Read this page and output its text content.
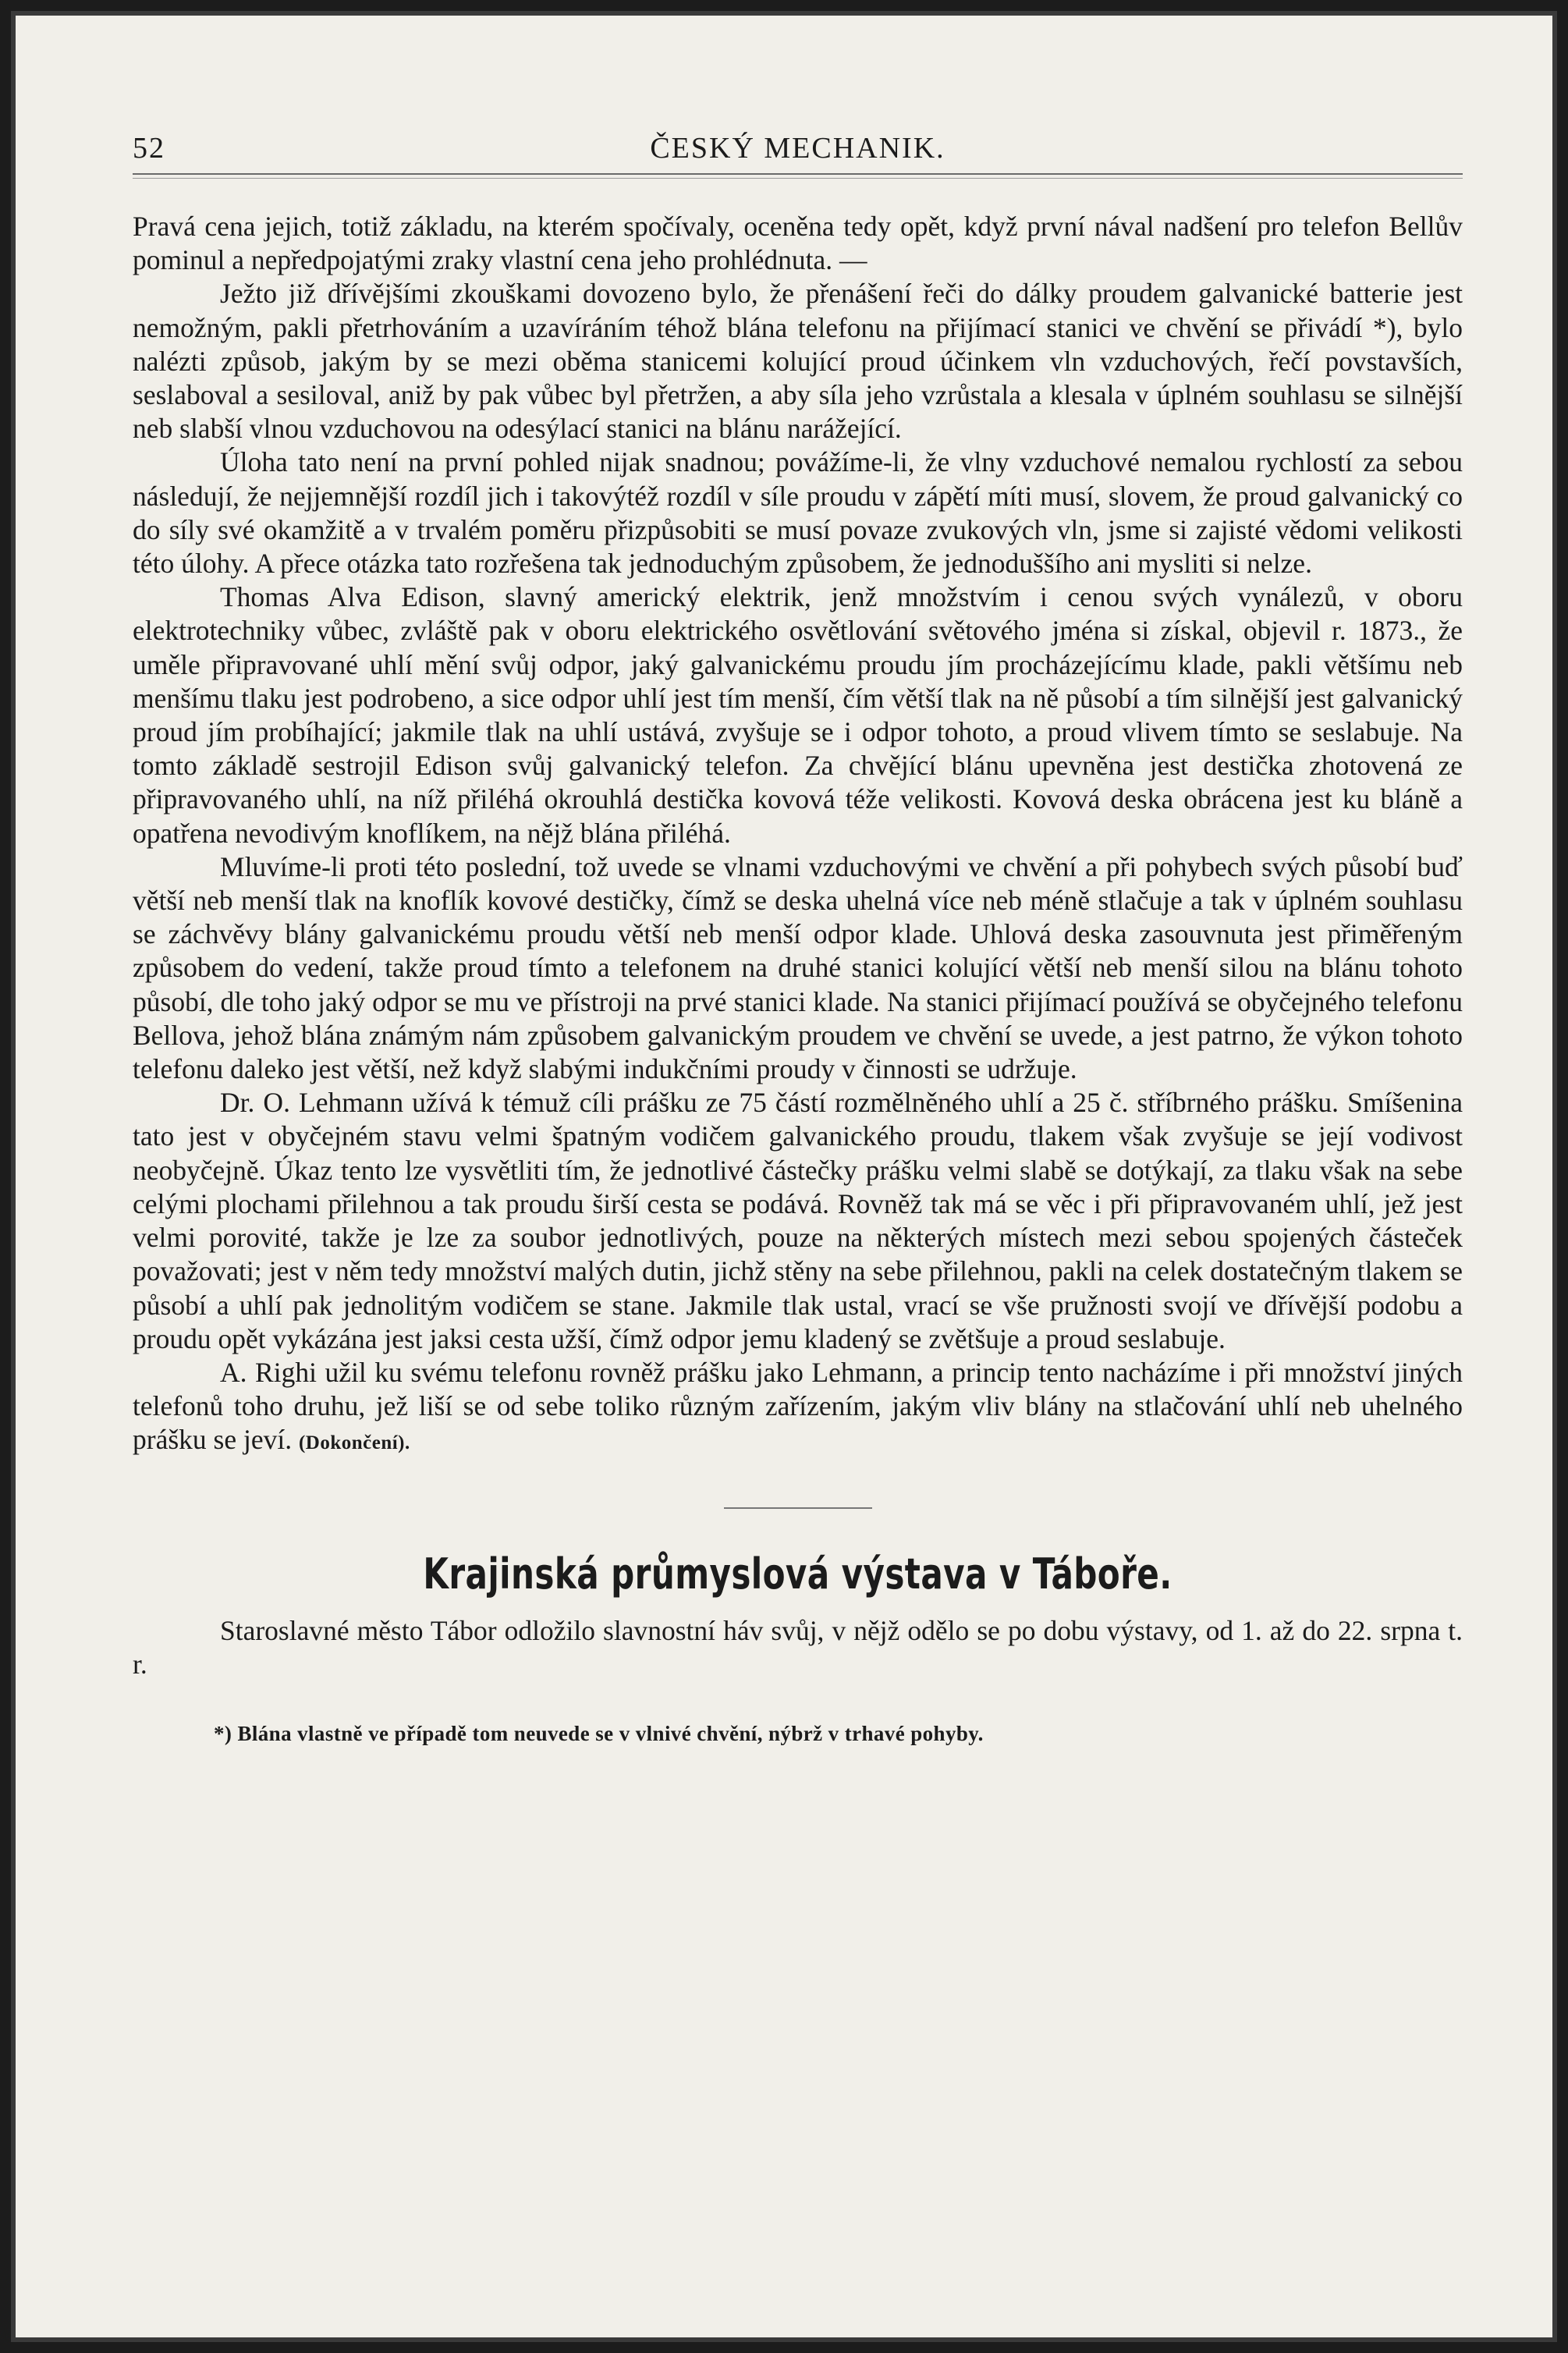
52	ČESKÝ MECHANIK.

Pravá cena jejich, totiž základu, na kterém spočívaly, oceněna tedy opět, když první nával nadšení pro telefon Bellův pominul a nepředpojatými zraky vlastní cena jeho prohlédnuta. —

Ježto již dřívějšími zkouškami dovozeno bylo, že přenášení řeči do dálky proudem galvanické batterie jest nemožným, pakli přetrhováním a uzavíráním téhož blána telefonu na přijímací stanici ve chvění se přivádí *), bylo nalézti způsob, jakým by se mezi oběma stanicemi kolující proud účinkem vln vzduchových, řečí povstavších, seslaboval a sesiloval, aniž by pak vůbec byl přetržen, a aby síla jeho vzrůstala a klesala v úplném souhlasu se silnější neb slabší vlnou vzduchovou na odesýlací stanici na blánu narážející.

Úloha tato není na první pohled nijak snadnou; povážíme-li, že vlny vzduchové nemalou rychlostí za sebou následují, že nejjemnější rozdíl jich i takovýtéž rozdíl v síle proudu v zápětí míti musí, slovem, že proud galvanický co do síly své okamžitě a v trvalém poměru přizpůsobiti se musí povaze zvukových vln, jsme si zajisté vědomi velikosti této úlohy. A přece otázka tato rozřešena tak jednoduchým způsobem, že jednoduššího ani mysliti si nelze.

Thomas Alva Edison, slavný americký elektrik, jenž množstvím i cenou svých vynálezů, v oboru elektrotechniky vůbec, zvláště pak v oboru elektrického osvětlování světového jména si získal, objevil r. 1873., že uměle připravované uhlí mění svůj odpor, jaký galvanickému proudu jím procházejícímu klade, pakli většímu neb menšímu tlaku jest podrobeno, a sice odpor uhlí jest tím menší, čím větší tlak na ně působí a tím silnější jest galvanický proud jím probíhající; jakmile tlak na uhlí ustává, zvyšuje se i odpor tohoto, a proud vlivem tímto se seslabuje. Na tomto základě sestrojil Edison svůj galvanický telefon. Za chvějící blánu upevněna jest destička zhotovená ze připravovaného uhlí, na níž přiléhá okrouhlá destička kovová téže velikosti. Kovová deska obrácena jest ku bláně a opatřena nevodivým knoflíkem, na nějž blána přiléhá.

Mluvíme-li proti této poslední, tož uvede se vlnami vzduchovými ve chvění a při pohybech svých působí buď větší neb menší tlak na knoflík kovové destičky, čímž se deska uhelná více neb méně stlačuje a tak v úplném souhlasu se záchvěvy blány galvanickému proudu větší neb menší odpor klade. Uhlová deska zasouvnuta jest přiměřeným způsobem do vedení, takže proud tímto a telefonem na druhé stanici kolující větší neb menší silou na blánu tohoto působí, dle toho jaký odpor se mu ve přístroji na prvé stanici klade. Na stanici přijímací používá se obyčejného telefonu Bellova, jehož blána známým nám způsobem galvanickým proudem ve chvění se uvede, a jest patrno, že výkon tohoto telefonu daleko jest větší, než když slabými indukčními proudy v činnosti se udržuje.

Dr. O. Lehmann užívá k témuž cíli prášku ze 75 částí rozmělněného uhlí a 25 č. stříbrného prášku. Smíšenina tato jest v obyčejném stavu velmi špatným vodičem galvanického proudu, tlakem však zvyšuje se její vodivost neobyčejně. Úkaz tento lze vysvětliti tím, že jednotlivé částečky prášku velmi slabě se dotýkají, za tlaku však na sebe celými plochami přilehnou a tak proudu širší cesta se podává. Rovněž tak má se věc i při připravovaném uhlí, jež jest velmi porovité, takže je lze za soubor jednotlivých, pouze na některých místech mezi sebou spojených částeček považovati; jest v něm tedy množství malých dutin, jichž stěny na sebe přilehnou, pakli na celek dostatečným tlakem se působí a uhlí pak jednolitým vodičem se stane. Jakmile tlak ustal, vrací se vše pružnosti svojí ve dřívější podobu a proudu opět vykázána jest jaksi cesta užší, čímž odpor jemu kladený se zvětšuje a proud seslabuje.

A. Righi užil ku svému telefonu rovněž prášku jako Lehmann, a princip tento nacházíme i při množství jiných telefonů toho druhu, jež liší se od sebe toliko různým zařízením, jakým vliv blány na stlačování uhlí neb uhelného prášku se jeví. (Dokončení).

Krajinská průmyslová výstava v Táboře.

Staroslavné město Tábor odložilo slavnostní háv svůj, v nějž odělo se po dobu výstavy, od 1. až do 22. srpna t. r.

*) Blána vlastně ve případě tom neuvede se v vlnivé chvění, nýbrž v trhavé pohyby.
